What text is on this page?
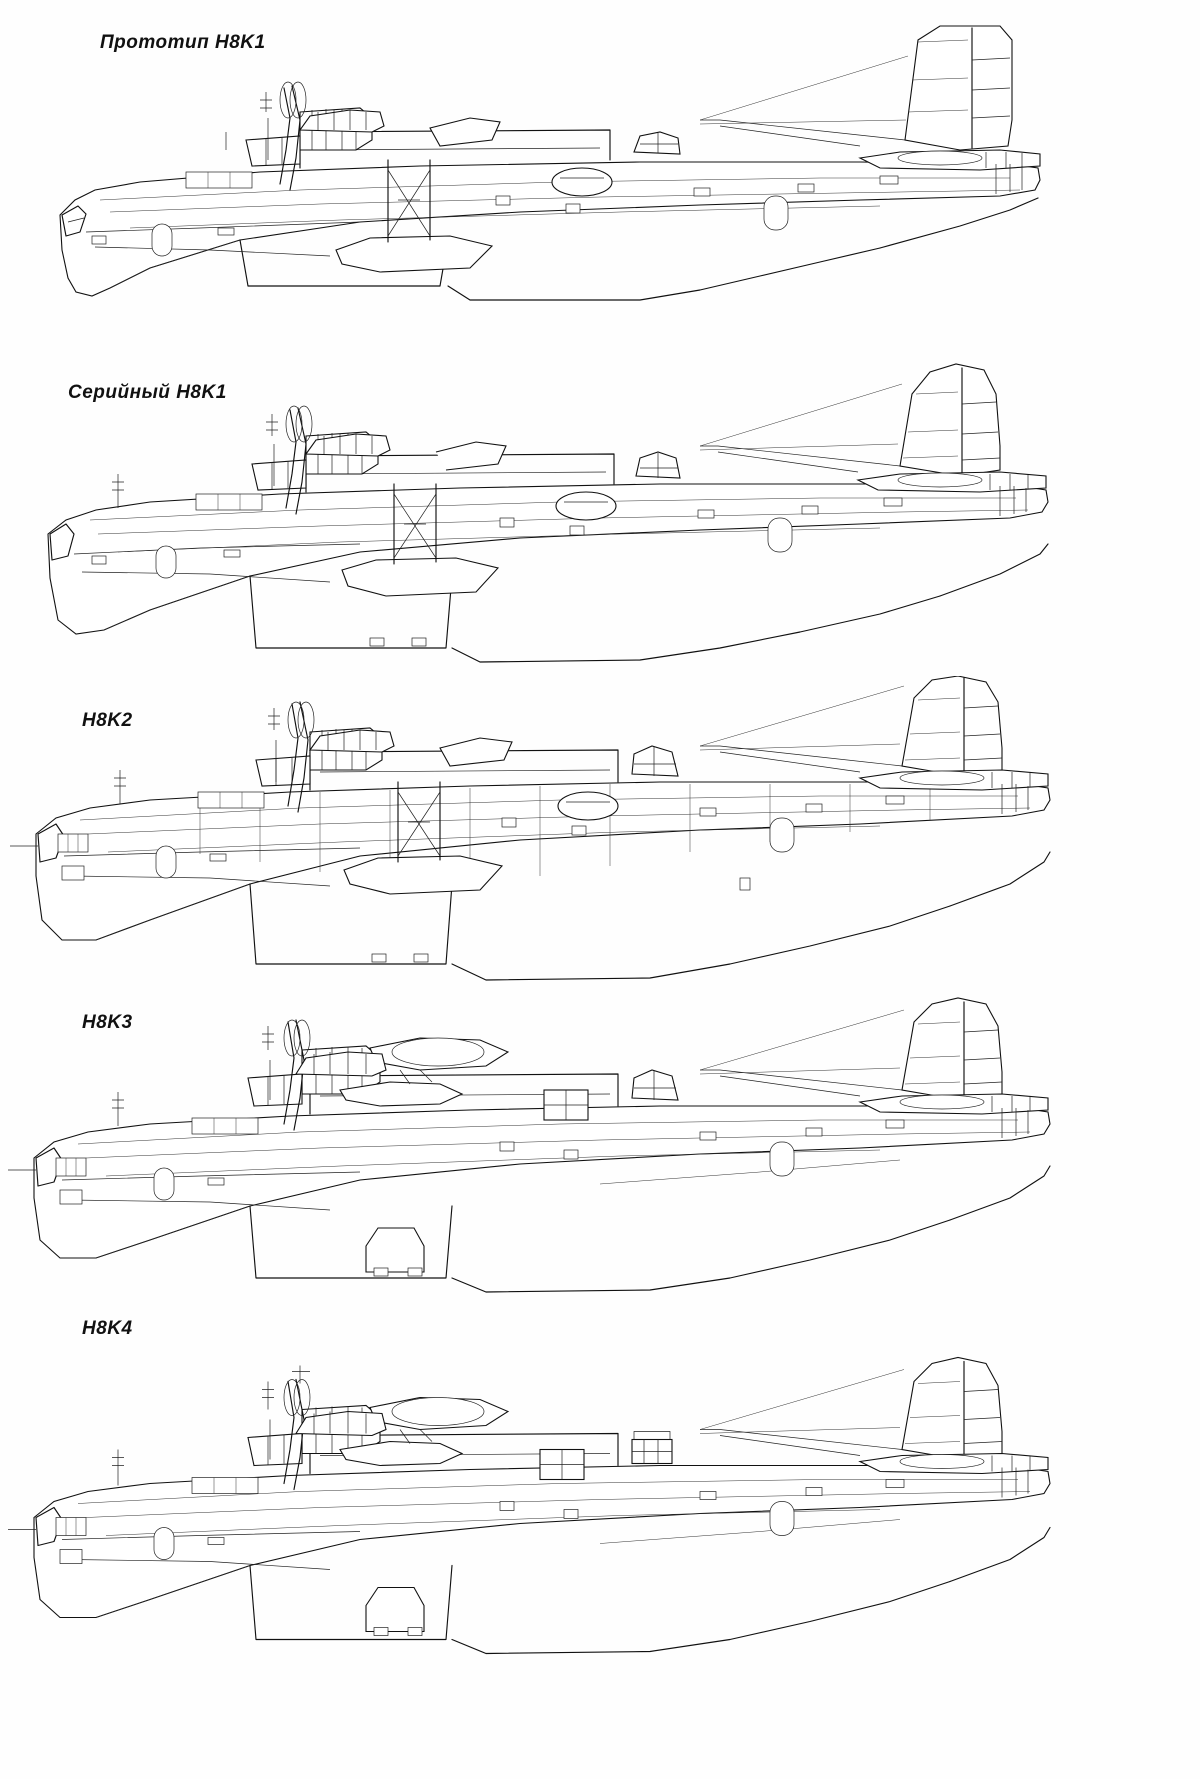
Прототип H8K1
Серийный H8K1
H8K2
H8K3
H8K4
